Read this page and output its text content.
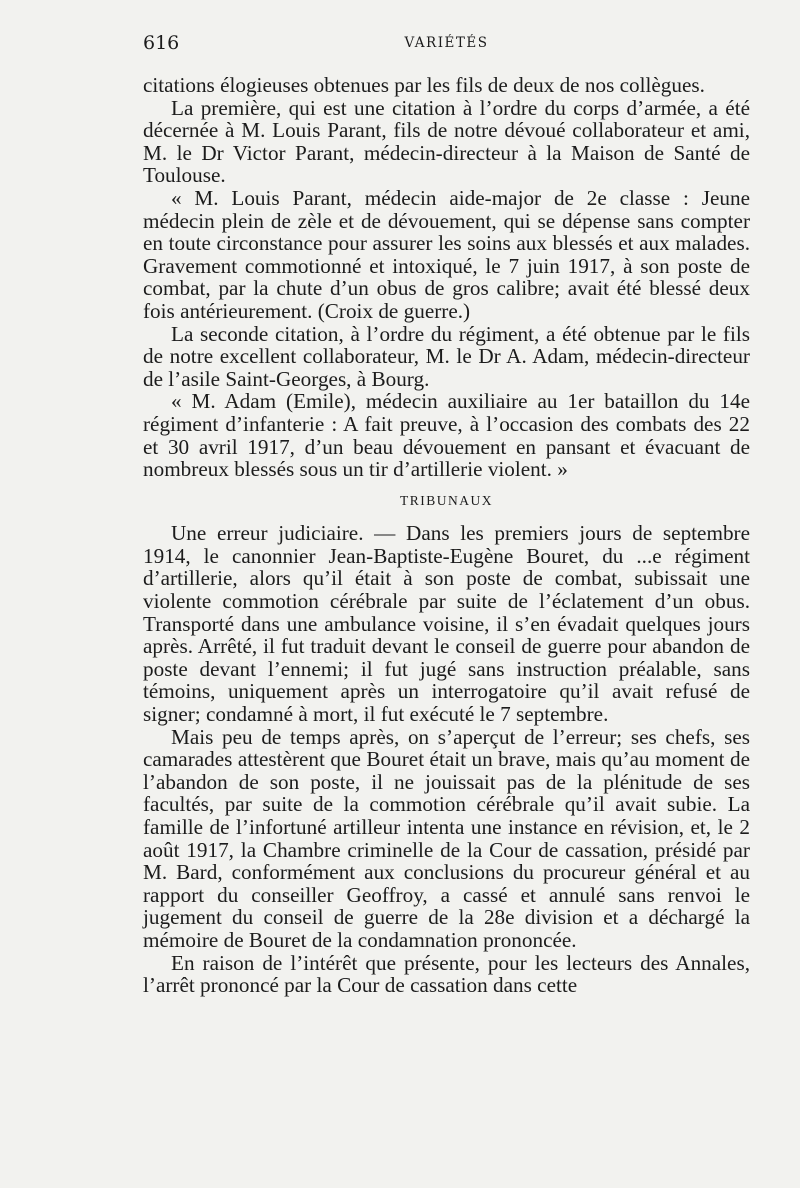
616	VARIÉTÉS

citations élogieuses obtenues par les fils de deux de nos collègues.

La première, qui est une citation à l’ordre du corps d’armée, a été décernée à M. Louis Parant, fils de notre dévoué collaborateur et ami, M. le Dr Victor Parant, médecin-directeur à la Maison de Santé de Toulouse.

« M. Louis Parant, médecin aide-major de 2e classe : Jeune médecin plein de zèle et de dévouement, qui se dépense sans compter en toute circonstance pour assurer les soins aux blessés et aux malades. Gravement commotionné et intoxiqué, le 7 juin 1917, à son poste de combat, par la chute d’un obus de gros calibre; avait été blessé deux fois antérieurement. (Croix de guerre.)

La seconde citation, à l’ordre du régiment, a été obtenue par le fils de notre excellent collaborateur, M. le Dr A. Adam, médecin-directeur de l’asile Saint-Georges, à Bourg.

« M. Adam (Emile), médecin auxiliaire au 1er bataillon du 14e régiment d’infanterie : A fait preuve, à l’occasion des combats des 22 et 30 avril 1917, d’un beau dévouement en pansant et évacuant de nombreux blessés sous un tir d’artillerie violent. »

TRIBUNAUX

Une erreur judiciaire. — Dans les premiers jours de septembre 1914, le canonnier Jean-Baptiste-Eugène Bouret, du ...e régiment d’artillerie, alors qu’il était à son poste de combat, subissait une violente commotion cérébrale par suite de l’éclatement d’un obus. Transporté dans une ambulance voisine, il s’en évadait quelques jours après. Arrêté, il fut traduit devant le conseil de guerre pour abandon de poste devant l’ennemi; il fut jugé sans instruction préalable, sans témoins, uniquement après un interrogatoire qu’il avait refusé de signer; condamné à mort, il fut exécuté le 7 septembre.

Mais peu de temps après, on s’aperçut de l’erreur; ses chefs, ses camarades attestèrent que Bouret était un brave, mais qu’au moment de l’abandon de son poste, il ne jouissait pas de la plénitude de ses facultés, par suite de la commotion cérébrale qu’il avait subie. La famille de l’infortuné artilleur intenta une instance en révision, et, le 2 août 1917, la Chambre criminelle de la Cour de cassation, présidé par M. Bard, conformément aux conclusions du procureur général et au rapport du conseiller Geoffroy, a cassé et annulé sans renvoi le jugement du conseil de guerre de la 28e division et a déchargé la mémoire de Bouret de la condamnation prononcée.

En raison de l’intérêt que présente, pour les lecteurs des Annales, l’arrêt prononcé par la Cour de cassation dans cette
